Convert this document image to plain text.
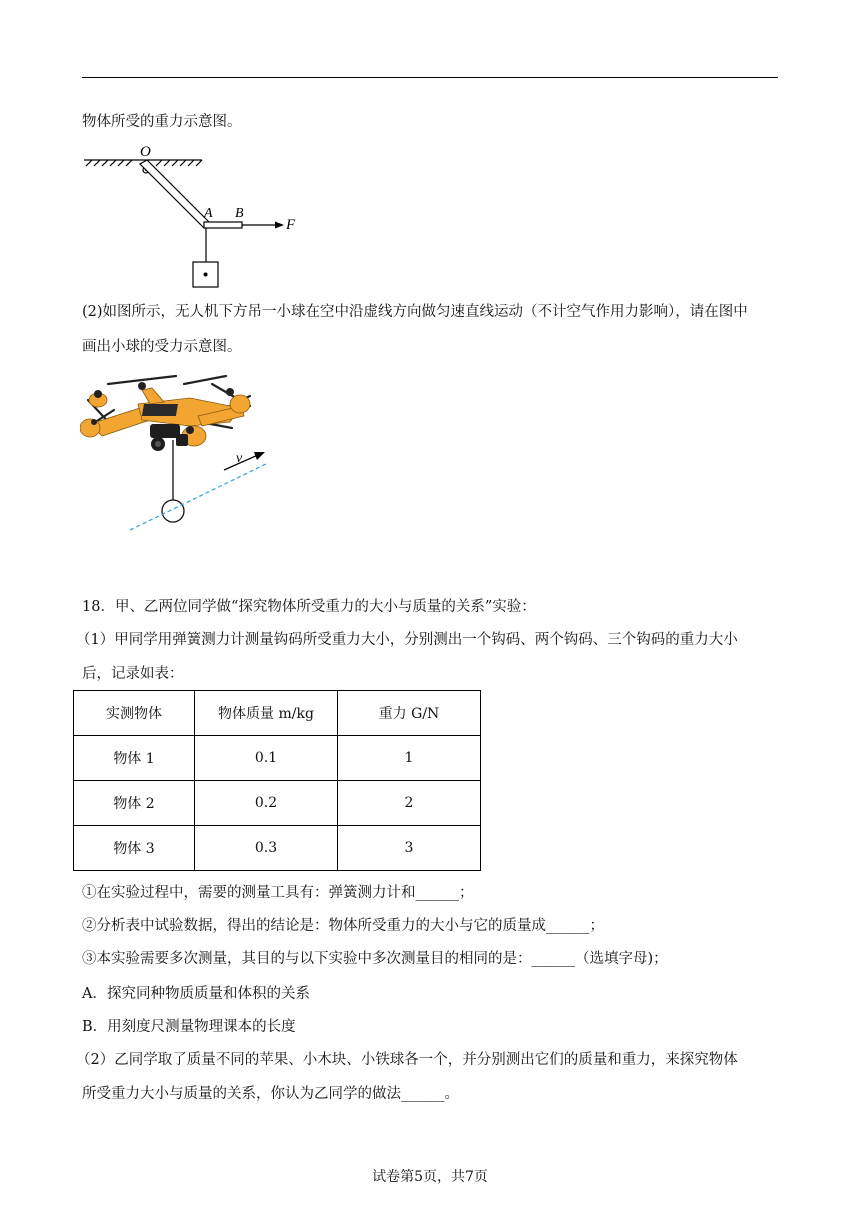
物体所受的重力示意图。
O
A B
F
(2)如图所示，无人机下方吊一小球在空中沿虚线方向做匀速直线运动（不计空气作用力影响），请在图中
画出小球的受力示意图。
v
18．甲、乙两位同学做“探究物体所受重力的大小与质量的关系”实验：
（1）甲同学用弹簧测力计测量钩码所受重力大小，分别测出一个钩码、两个钩码、三个钩码的重力大小
后，记录如表：
实测物体	物体质量 m/kg	重力 G/N
物体 1	0.1	1
物体 2	0.2	2
物体 3	0.3	3
①在实验过程中，需要的测量工具有：弹簧测力计和______；
②分析表中试验数据，得出的结论是：物体所受重力的大小与它的质量成______；
③本实验需要多次测量，其目的与以下实验中多次测量目的相同的是：______（选填字母)；
A．探究同种物质质量和体积的关系
B．用刻度尺测量物理课本的长度
（2）乙同学取了质量不同的苹果、小木块、小铁球各一个，并分别测出它们的质量和重力，来探究物体
所受重力大小与质量的关系，你认为乙同学的做法______。
试卷第5页，共7页
